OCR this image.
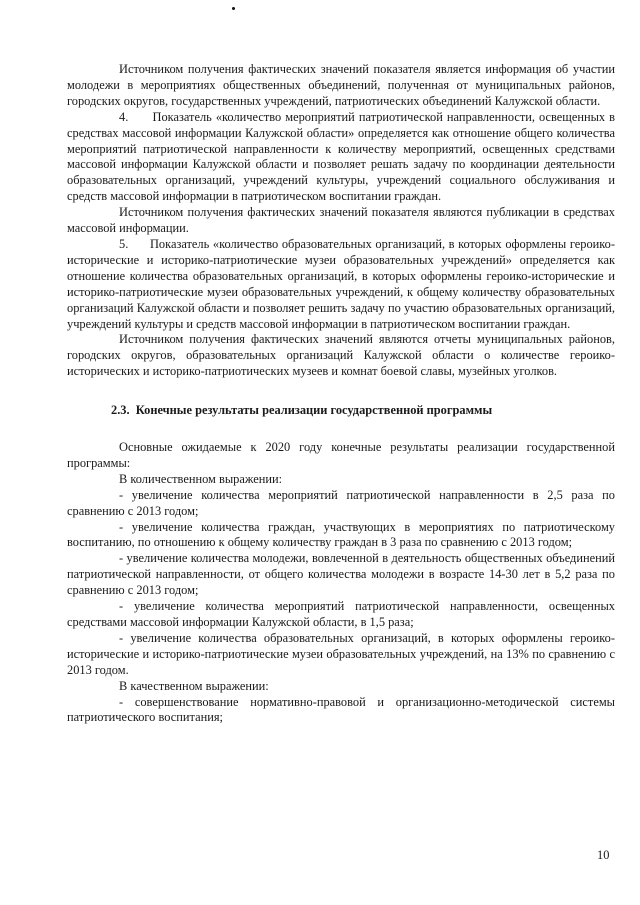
Источником получения фактических значений показателя является информация об участии молодежи в мероприятиях общественных объединений, полученная от муниципальных районов, городских округов, государственных учреждений, патриотических объединений Калужской области.

4.      Показатель «количество мероприятий патриотической направленности, освещенных в средствах массовой информации Калужской области» определяется как отношение общего количества мероприятий патриотической направленности к количеству мероприятий, освещенных средствами массовой информации Калужской области и позволяет решать задачу по координации деятельности образовательных организаций, учреждений культуры, учреждений социального обслуживания и средств массовой информации в патриотическом воспитании граждан.

Источником получения фактических значений показателя являются публикации в средствах массовой информации.

5.      Показатель «количество образовательных организаций, в которых оформлены героико-исторические и историко-патриотические музеи образовательных учреждений» определяется как отношение количества образовательных организаций, в которых оформлены героико-исторические и историко-патриотические музеи образовательных учреждений, к общему количеству образовательных организаций Калужской области и позволяет решить задачу по участию образовательных организаций, учреждений культуры и средств массовой информации в патриотическом воспитании граждан.

Источником получения фактических значений являются отчеты муниципальных районов, городских округов, образовательных организаций Калужской области о количестве героико-исторических и историко-патриотических музеев и комнат боевой славы, музейных уголков.

2.3.  Конечные результаты реализации государственной программы

Основные ожидаемые к 2020 году конечные результаты реализации государственной программы:

В количественном выражении:

- увеличение количества мероприятий патриотической направленности в 2,5 раза по сравнению с 2013 годом;

- увеличение количества граждан, участвующих в мероприятиях по патриотическому воспитанию, по отношению к общему количеству граждан в 3 раза по сравнению с 2013 годом;

- увеличение количества молодежи, вовлеченной в деятельность общественных объединений патриотической направленности, от общего количества молодежи в возрасте 14-30 лет в 5,2 раза по сравнению с 2013 годом;

- увеличение количества мероприятий патриотической направленности, освещенных средствами массовой информации Калужской области, в 1,5 раза;

- увеличение количества образовательных организаций, в которых оформлены героико-исторические и историко-патриотические музеи образовательных учреждений, на 13% по сравнению с 2013 годом.

В качественном выражении:

- совершенствование нормативно-правовой и организационно-методической системы патриотического воспитания;

10
